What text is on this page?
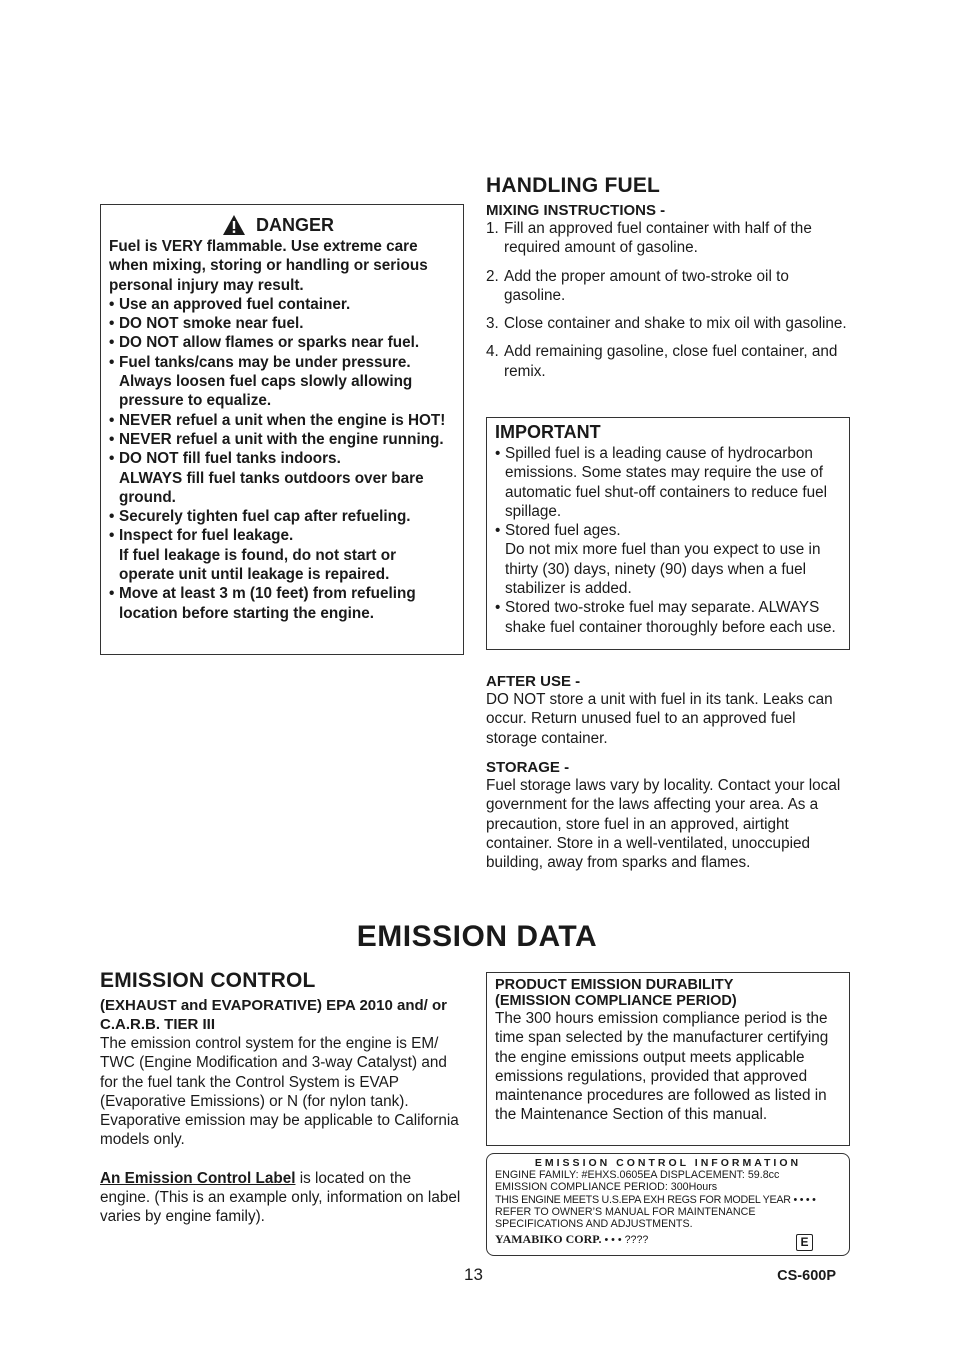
DANGER

Fuel is VERY flammable. Use extreme care when mixing, storing or handling or serious personal injury may result.

• Use an approved fuel container.
• DO NOT smoke near fuel.
• DO NOT allow flames or sparks near fuel.
• Fuel tanks/cans may be under pressure. Always loosen fuel caps slowly allowing pressure to equalize.
• NEVER refuel a unit when the engine is HOT!
• NEVER refuel a unit with the engine running.
• DO NOT fill fuel tanks indoors.
ALWAYS fill fuel tanks outdoors over bare ground.
• Securely tighten fuel cap after refueling.
• Inspect for fuel leakage.
If fuel leakage is found, do not start or operate unit until leakage is repaired.
• Move at least 3 m (10 feet) from refueling location before starting the engine.
HANDLING FUEL
MIXING INSTRUCTIONS -
1. Fill an approved fuel container with half of the required amount of gasoline.
2. Add the proper amount of two-stroke oil to gasoline.
3. Close container and shake to mix oil with gasoline.
4. Add remaining gasoline, close fuel container, and remix.
IMPORTANT
• Spilled fuel is a leading cause of hydrocarbon emissions. Some states may require the use of automatic fuel shut-off containers to reduce fuel spillage.
• Stored fuel ages.
Do not mix more fuel than you expect to use in thirty (30) days, ninety (90) days when a fuel stabilizer is added.
• Stored two-stroke fuel may separate. ALWAYS shake fuel container thoroughly before each use.
AFTER USE -
DO NOT store a unit with fuel in its tank. Leaks can occur. Return unused fuel to an approved fuel storage container.
STORAGE -
Fuel storage laws vary by locality. Contact your local government for the laws affecting your area. As a precaution, store fuel in an approved, airtight container. Store in a well-ventilated, unoccupied building, away from sparks and flames.
EMISSION DATA
EMISSION CONTROL
(EXHAUST and EVAPORATIVE) EPA 2010 and/ or C.A.R.B. TIER III
The emission control system for the engine is EM/ TWC (Engine Modification and 3-way Catalyst) and for the fuel tank the Control System is EVAP (Evaporative Emissions) or N (for nylon tank). Evaporative emission may be applicable to California models only.
An Emission Control Label is located on the engine. (This is an example only, information on label varies by engine family).
PRODUCT EMISSION DURABILITY
(EMISSION COMPLIANCE PERIOD)
The 300 hours emission compliance period is the time span selected by the manufacturer certifying the engine emissions output meets applicable emissions regulations, provided that approved maintenance procedures are followed as listed in the Maintenance Section of this manual.
EMISSION CONTROL INFORMATION
ENGINE FAMILY: #EHXS.0605EA DISPLACEMENT: 59.8cc
EMISSION COMPLIANCE PERIOD: 300Hours
THIS ENGINE MEETS U.S.EPA EXH REGS FOR MODEL YEAR • • • •
REFER TO OWNER’S MANUAL FOR MAINTENANCE
SPECIFICATIONS AND ADJUSTMENTS.
YAMABIKO CORP. • • • ????	E
13	CS-600P
